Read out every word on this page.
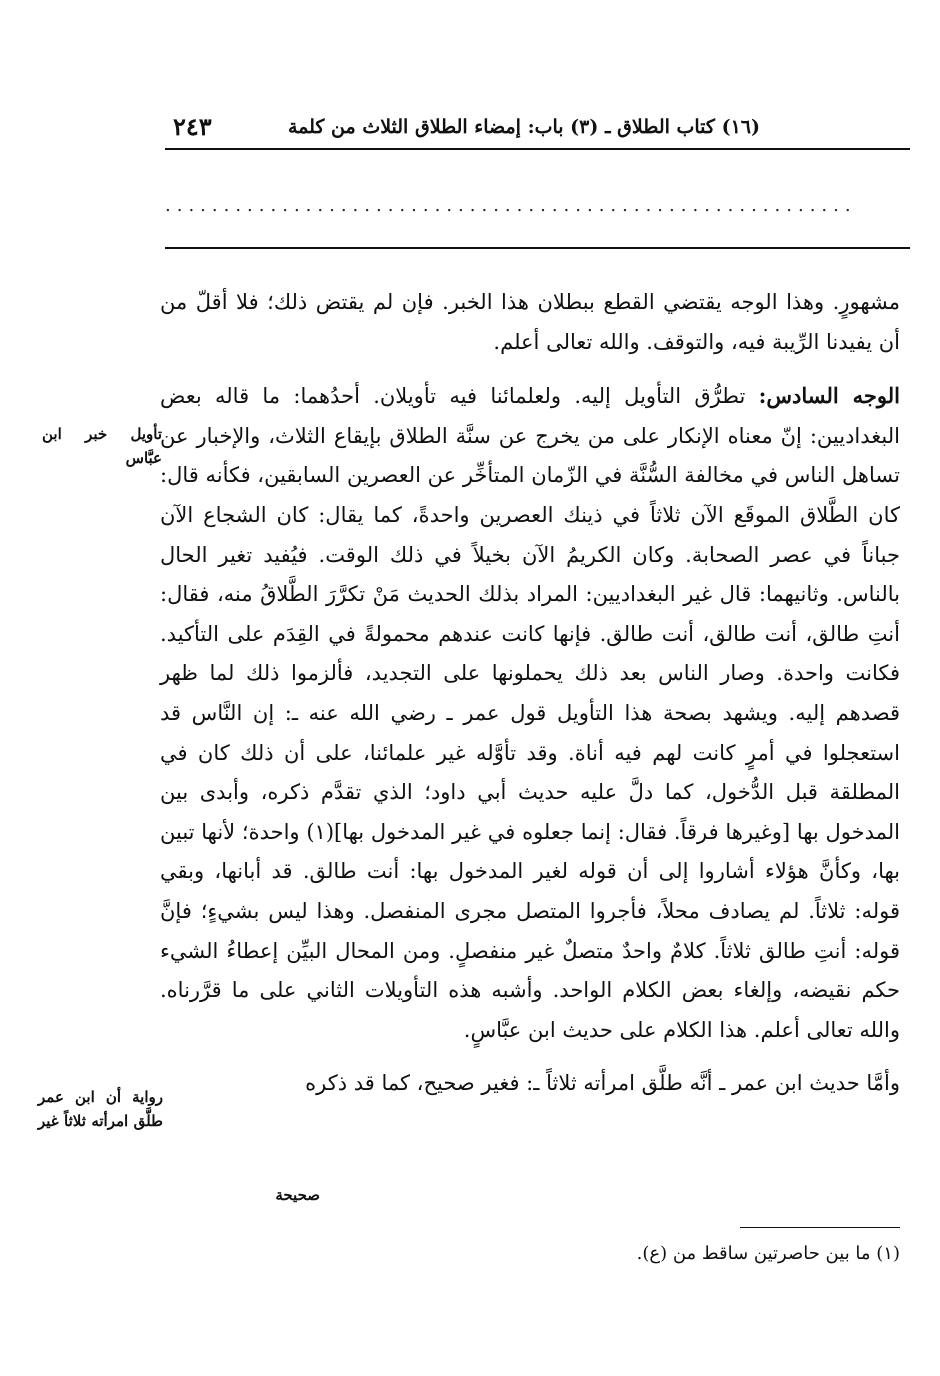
(١٦) كتاب الطلاق ـ (٣) باب: إمضاء الطلاق الثلاث من كلمة
٢٤٣
...........................................................

مشهورٍ. وهذا الوجه يقتضي القطع ببطلان هذا الخبر. فإن لم يقتض ذلك؛ فلا أقلّ من أن يفيدنا الرِّيبة فيه، والتوقف. والله تعالى أعلم.

الوجه السادس: تطرُّق التأويل إليه. ولعلمائنا فيه تأويلان. أحدُهما: ما قاله بعض البغداديين: إنّ معناه الإنكار على من يخرج عن سنَّة الطلاق بإيقاع الثلاث، والإخبار عن تساهل الناس في مخالفة السُّنَّة في الزّمان المتأخِّر عن العصرين السابقين، فكأنه قال: كان الطَّلاق الموقَع الآن ثلاثاً في ذينك العصرين واحدةً، كما يقال: كان الشجاع الآن جباناً في عصر الصحابة. وكان الكريمُ الآن بخيلاً في ذلك الوقت. فيُفيد تغير الحال بالناس. وثانيهما: قال غير البغداديين: المراد بذلك الحديث مَنْ تكرَّرَ الطَّلاقُ منه، فقال: أنتِ طالق، أنت طالق، أنت طالق. فإنها كانت عندهم محمولةً في القِدَم على التأكيد. فكانت واحدة. وصار الناس بعد ذلك يحملونها على التجديد، فألزموا ذلك لما ظهر قصدهم إليه. ويشهد بصحة هذا التأويل قول عمر ـ رضي الله عنه ـ: إن النَّاس قد استعجلوا في أمرٍ كانت لهم فيه أناة. وقد تأوَّله غير علمائنا، على أن ذلك كان في المطلقة قبل الدُّخول، كما دلَّ عليه حديث أبي داود؛ الذي تقدَّم ذكره، وأبدى بين المدخول بها [وغيرها فرقاً. فقال: إنما جعلوه في غير المدخول بها](١) واحدة؛ لأنها تبين بها، وكأنَّ هؤلاء أشاروا إلى أن قوله لغير المدخول بها: أنت طالق. قد أبانها، وبقي قوله: ثلاثاً. لم يصادف محلاً، فأجروا المتصل مجرى المنفصل. وهذا ليس بشيءٍ؛ فإنَّ قوله: أنتِ طالق ثلاثاً. كلامٌ واحدٌ متصلٌ غير منفصلٍ. ومن المحال البيِّن إعطاءُ الشيء حكم نقيضه، وإلغاء بعض الكلام الواحد. وأشبه هذه التأويلات الثاني على ما قرَّرناه. والله تعالى أعلم. هذا الكلام على حديث ابن عبَّاسٍ.

وأمَّا حديث ابن عمر ـ أنَّه طلَّق امرأته ثلاثاً ـ: فغير صحيح، كما قد ذكره

تأويل خبر ابن عبَّاس
رواية أن ابن عمر طلَّق امرأته ثلاثاً غير
صحيحة
(١) ما بين حاصرتين ساقط من (ع).
